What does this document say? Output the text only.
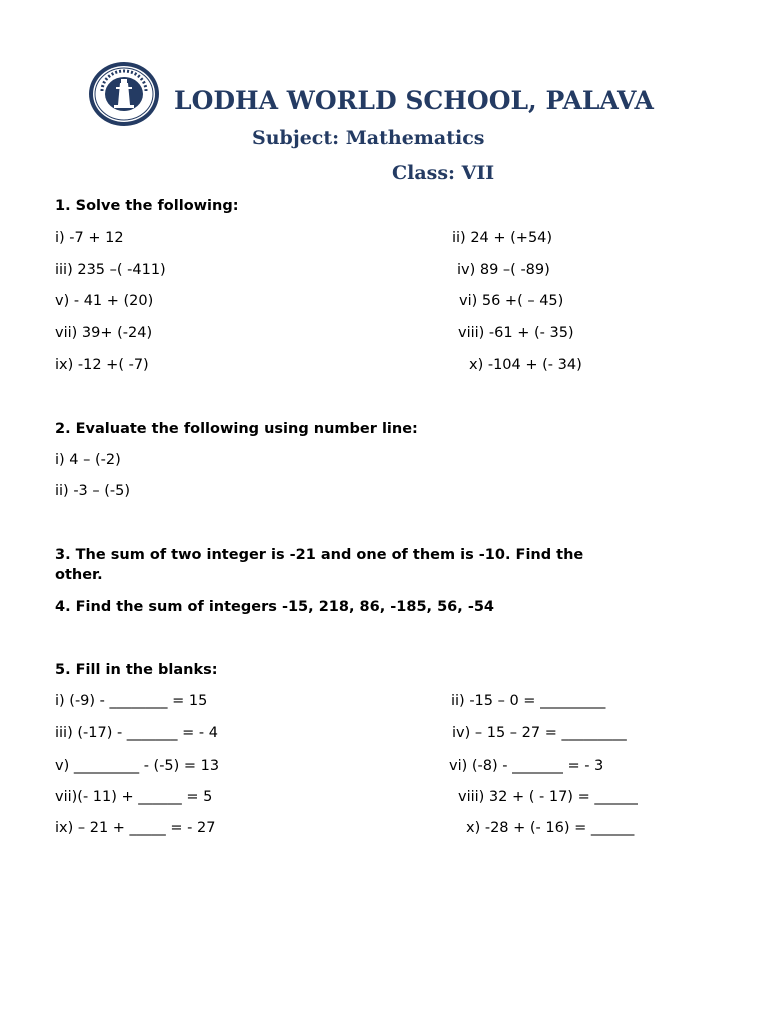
LODHA WORLD SCHOOL, PALAVA
Subject: Mathematics
Class: VII
1. Solve the following:
i) -7 + 12	ii) 24 + (+54)
iii) 235 –( -411)	iv) 89 –( -89)
v) - 41 + (20)	vi) 56 +( – 45)
vii) 39+ (-24)	viii) -61 + (- 35)
ix) -12 +( -7)	x) -104 + (- 34)
2. Evaluate the following using number line:
i) 4 – (-2)
ii) -3 – (-5)
3. The sum of two integer is -21 and one of them is -10. Find the
other.
4. Find the sum of integers -15, 218, 86, -185, 56, -54
5. Fill in the blanks:
i) (-9) - ________ = 15	ii) -15 – 0 = _________
iii) (-17) - _______ = - 4	iv) – 15 – 27 = _________
v) _________ - (-5) = 13	vi) (-8) - _______ = - 3
vii)(- 11) + ______ = 5	viii) 32 + ( - 17) = ______
ix) – 21 + _____ = - 27	x) -28 + (- 16) = ______
